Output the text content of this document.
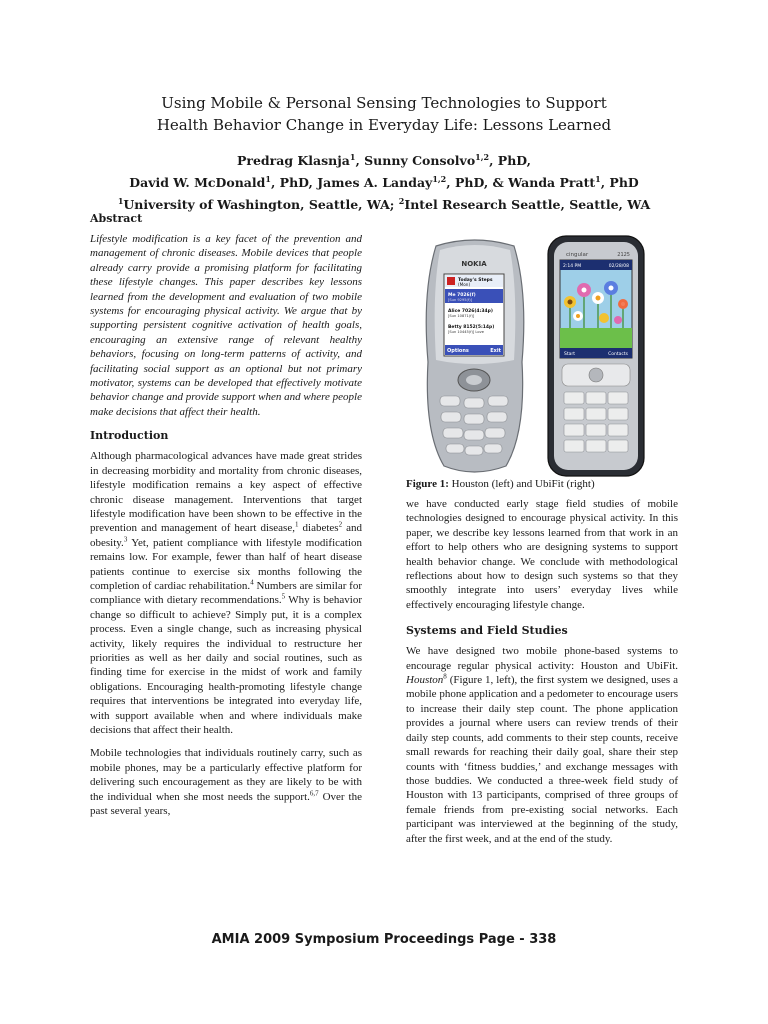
Using Mobile & Personal Sensing Technologies to Support
Health Behavior Change in Everyday Life: Lessons Learned
Predrag Klasnja$^1$, Sunny Consolvo$^{1,2}$, PhD,
David W. McDonald$^1$, PhD, James A. Landay$^{1,2}$, PhD, & Wanda Pratt$^1$, PhD
$^1$University of Washington, Seattle, WA; $^2$Intel Research Seattle, Seattle, WA
Abstract

Lifestyle modification is a key facet of the prevention and management of chronic diseases. Mobile devices that people already carry provide a promising platform for facilitating these lifestyle changes. This paper describes key lessons learned from the development and evaluation of two mobile systems for encouraging physical activity. We argue that by supporting persistent cognitive activation of health goals, encouraging an extensive range of relevant healthy behaviors, focusing on long-term patterns of activity, and facilitating social support as an optional but not primary motivator, systems can be developed that effectively motivate behavior change and provide support when and where people make decisions that affect their health.

Introduction

Although pharmacological advances have made great strides in decreasing morbidity and mortality from chronic diseases, lifestyle modification remains a key aspect of effective chronic disease management. Interventions that target lifestyle modification have been shown to be effective in the prevention and management of heart disease,$^1$ diabetes$^2$ and obesity.$^3$ Yet, patient compliance with lifestyle modification remains low. For example, fewer than half of heart disease patients continue to exercise six months following the completion of cardiac rehabilitation.$^4$ Numbers are similar for compliance with dietary recommendations.$^5$ Why is behavior change so difficult to achieve? Simply put, it is a complex process. Even a single change, such as increasing physical activity, likely requires the individual to restructure her priorities as well as her daily and social routines, such as finding time for exercise in the midst of work and family obligations. Encouraging health-promoting lifestyle change requires that interventions be integrated into everyday life, with support available when and where individuals make decisions that affect their health.

Mobile technologies that individuals routinely carry, such as mobile phones, may be a particularly effective platform for delivering such encouragement as they are likely to be with the individual when she most needs the support.$^{6,7}$ Over the past several years,

NOKIA
Today's Steps
(Mon)
Me 7026(f)
[Sun 9295(f)]
Alice 7026(4:34p)
[Sun 10871(f)]
Betty 8152(5:14p)
[Sun 10445(f)] Love
Options	Exit
cingular	2125
2:14 PM	02/28/08
Start	Contacts
Figure 1: Houston (left) and UbiFit (right)

we have conducted early stage field studies of mobile technologies designed to encourage physical activity. In this paper, we describe key lessons learned from that work in an effort to help others who are designing systems to support health behavior change. We conclude with methodological reflections about how to design such systems so that they smoothly integrate into users’ everyday lives while effectively encouraging lifestyle change.

Systems and Field Studies

We have designed two mobile phone-based systems to encourage regular physical activity: Houston and UbiFit. Houston$^8$ (Figure 1, left), the first system we designed, uses a mobile phone application and a pedometer to encourage users to increase their daily step count. The phone application provides a journal where users can review trends of their daily step counts, add comments to their step counts, receive small rewards for reaching their daily goal, share their step counts with ‘fitness buddies,’ and exchange messages with those buddies. We conducted a three-week field study of Houston with 13 participants, comprised of three groups of female friends from pre-existing social networks. Each participant was interviewed at the beginning of the study, after the first week, and at the end of the study.

AMIA 2009 Symposium Proceedings Page - 338
